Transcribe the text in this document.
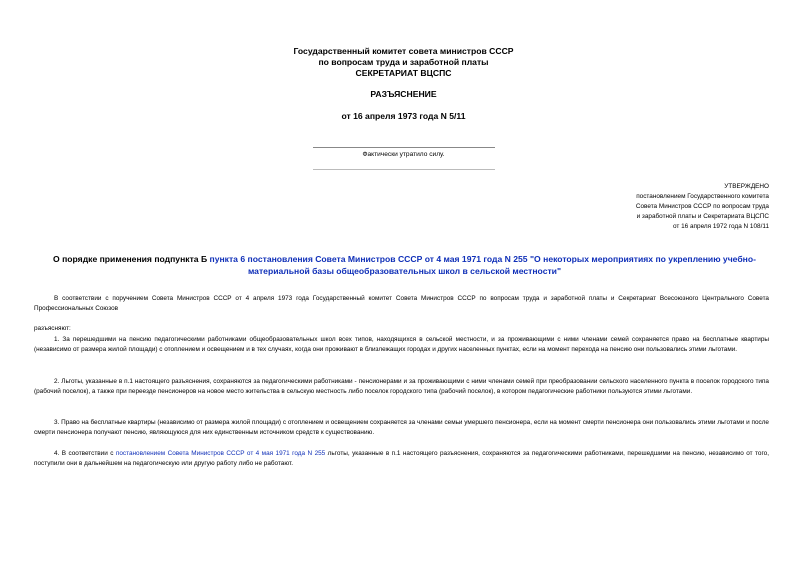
Государственный комитет совета министров СССР
по вопросам труда и заработной платы
СЕКРЕТАРИАТ ВЦСПС
РАЗЪЯСНЕНИЕ
от 16 апреля 1973 года N 5/11
Фактически утратило силу.
УТВЕРЖДЕНО
постановлением Государственного комитета
Совета Министров СССР по вопросам труда
и заработной платы и Секретариата ВЦСПС
от 16 апреля 1972 года N 108/11
О порядке применения подпункта Б пункта 6 постановления Совета Министров СССР от 4 мая 1971 года N 255 "О некоторых мероприятиях по укреплению учебно-материальной базы общеобразовательных школ в сельской местности"

В соответствии с поручением Совета Министров СССР от 4 апреля 1973 года Государственный комитет Совета Министров СССР по вопросам труда и заработной платы и Секретариат Всесоюзного Центрального Совета Профессиональных Союзов

разъясняют:

1. За перешедшими на пенсию педагогическими работниками общеобразовательных школ всех типов, находящихся в сельской местности, и за проживающими с ними членами семей сохраняется право на бесплатные квартиры (независимо от размера жилой площади) с отоплением и освещением и в тех случаях, когда они проживают в близлежащих городах и других населенных пунктах, если на момент перехода на пенсию они пользовались этими льготами.

2. Льготы, указанные в п.1 настоящего разъяснения, сохраняются за педагогическими работниками - пенсионерами и за проживающими с ними членами семей при преобразовании сельского населенного пункта в поселок городского типа (рабочий поселок), а также при переезде пенсионеров на новое место жительства в сельскую местность либо поселок городского типа (рабочий поселок), в котором педагогические работники пользуются этими льготами.

3. Право на бесплатные квартиры (независимо от размера жилой площади) с отоплением и освещением сохраняется за членами семьи умершего пенсионера, если на момент смерти пенсионера они пользовались этими льготами и после смерти пенсионера получают пенсию, являющуюся для них единственным источником средств к существованию.

4. В соответствии с постановлением Совета Министров СССР от 4 мая 1971 года N 255 льготы, указанные в п.1 настоящего разъяснения, сохраняются за педагогическими работниками, перешедшими на пенсию, независимо от того, поступили они в дальнейшем на педагогическую или другую работу либо не работают.
